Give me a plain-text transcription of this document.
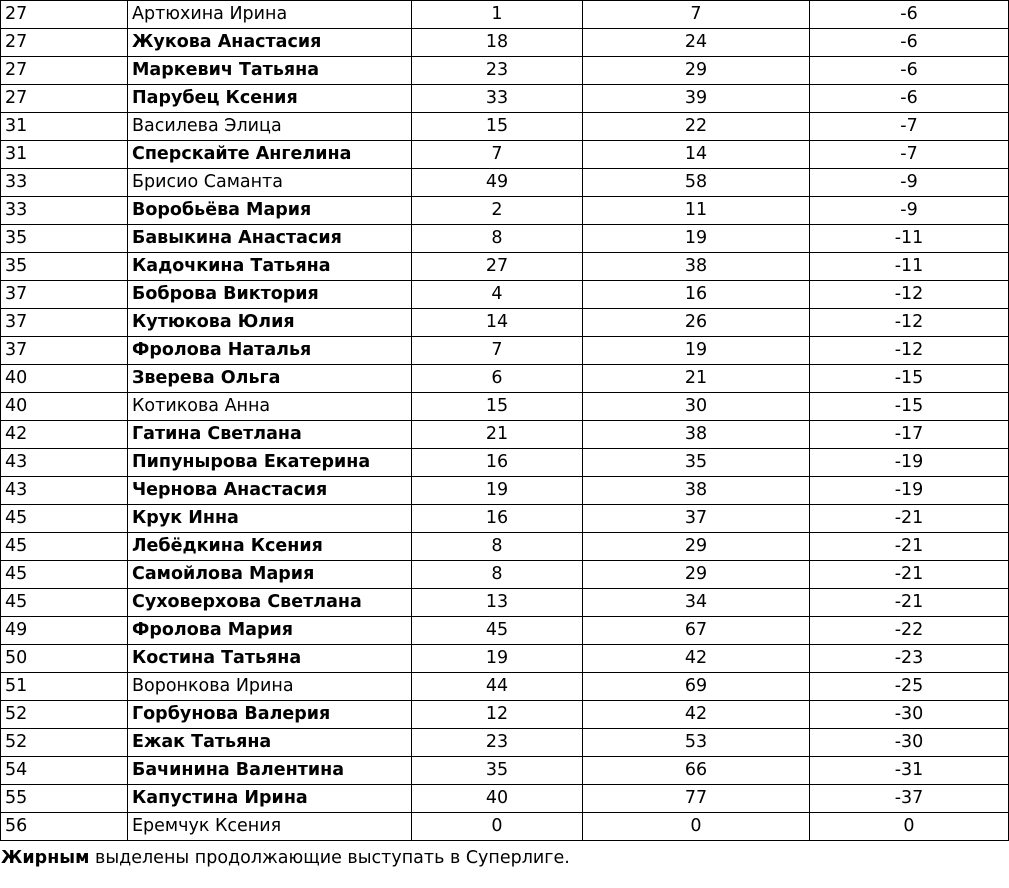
27	Артюхина Ирина	1	7	-6
27	Жукова Анастасия	18	24	-6
27	Маркевич Татьяна	23	29	-6
27	Парубец Ксения	33	39	-6
31	Василева Элица	15	22	-7
31	Сперскайте Ангелина	7	14	-7
33	Брисио Саманта	49	58	-9
33	Воробьёва Мария	2	11	-9
35	Бавыкина Анастасия	8	19	-11
35	Кадочкина Татьяна	27	38	-11
37	Боброва Виктория	4	16	-12
37	Кутюкова Юлия	14	26	-12
37	Фролова Наталья	7	19	-12
40	Зверева Ольга	6	21	-15
40	Котикова Анна	15	30	-15
42	Гатина Светлана	21	38	-17
43	Пипунырова Екатерина	16	35	-19
43	Чернова Анастасия	19	38	-19
45	Крук Инна	16	37	-21
45	Лебёдкина Ксения	8	29	-21
45	Самойлова Мария	8	29	-21
45	Суховерхова Светлана	13	34	-21
49	Фролова Мария	45	67	-22
50	Костина Татьяна	19	42	-23
51	Воронкова Ирина	44	69	-25
52	Горбунова Валерия	12	42	-30
52	Ежак Татьяна	23	53	-30
54	Бачинина Валентина	35	66	-31
55	Капустина Ирина	40	77	-37
56	Еремчук Ксения	0	0	0
Жирным выделены продолжающие выступать в Суперлиге.
